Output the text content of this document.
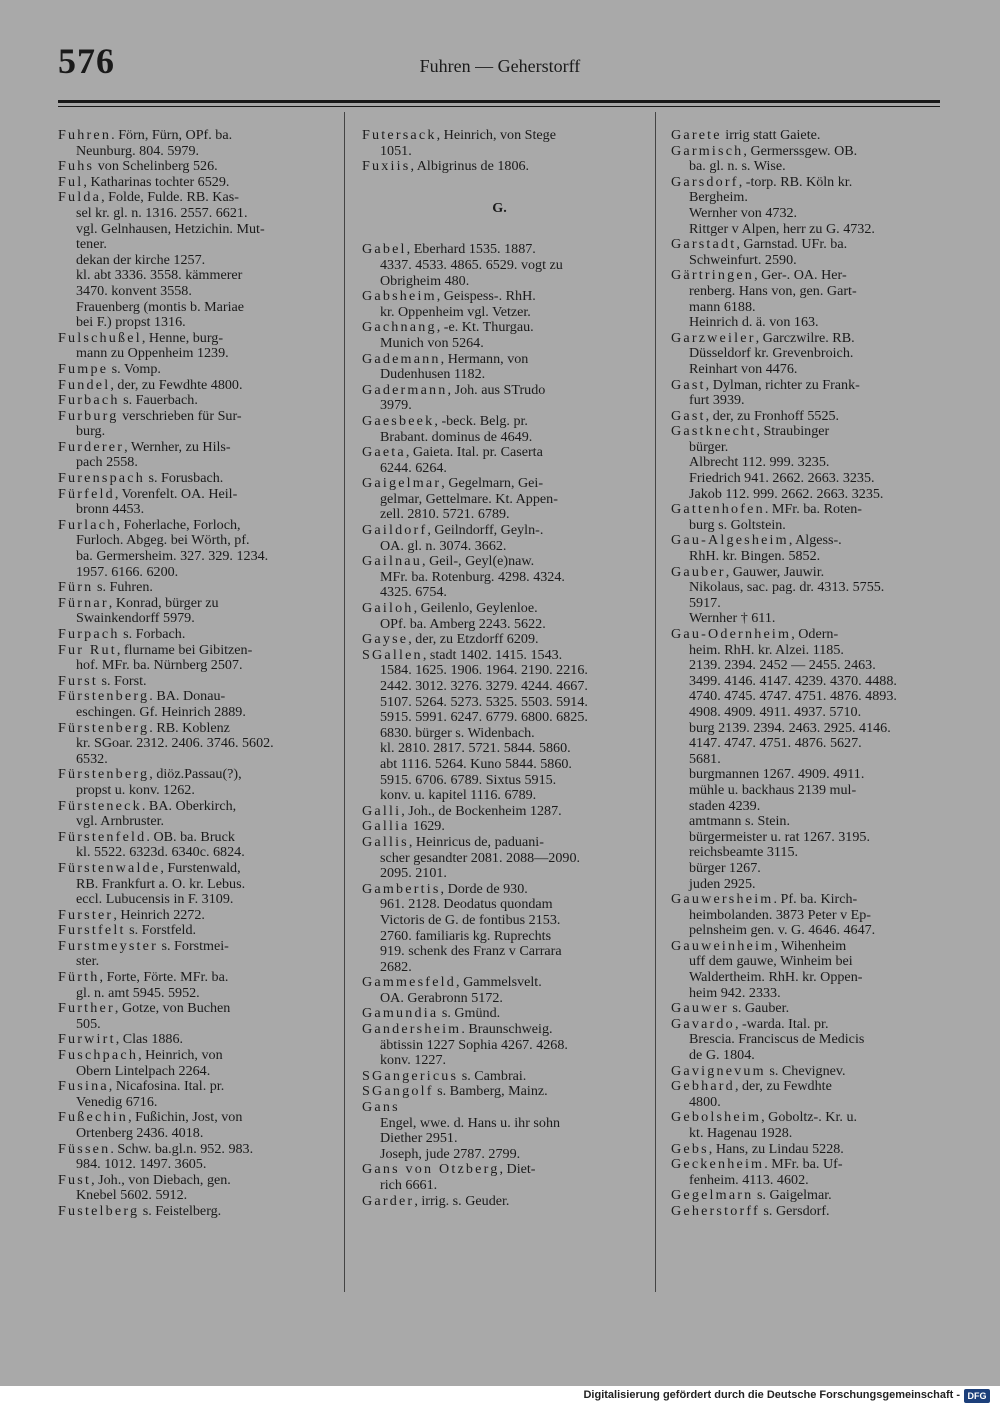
576	Fuhren — Geherstorff
Fuhren. Förn, Fürn, OPf. ba.
Neunburg. 804. 5979.
Fuhs von Schelinberg 526.
Ful, Katharinas tochter 6529.
Fulda, Folde, Fulde. RB. Kas-
sel kr. gl. n. 1316. 2557. 6621.
vgl. Gelnhausen, Hetzichin. Mut-
tener.
dekan der kirche 1257.
kl. abt 3336. 3558. kämmerer
3470. konvent 3558.
Frauenberg (montis b. Mariae
bei F.) propst 1316.
Fulschußel, Henne, burg-
mann zu Oppenheim 1239.
Fumpe s. Vomp.
Fundel, der, zu Fewdhte 4800.
Furbach s. Fauerbach.
Furburg verschrieben für Sur-
burg.
Furderer, Wernher, zu Hils-
pach 2558.
Furenspach s. Forusbach.
Fürfeld, Vorenfelt. OA. Heil-
bronn 4453.
Furlach, Foherlache, Forloch,
Furloch. Abgeg. bei Wörth, pf.
ba. Germersheim. 327. 329. 1234.
1957. 6166. 6200.
Fürn s. Fuhren.
Fürnar, Konrad, bürger zu
Swainkendorff 5979.
Furpach s. Forbach.
Fur Rut, flurname bei Gibitzen-
hof. MFr. ba. Nürnberg 2507.
Furst s. Forst.
Fürstenberg. BA. Donau-
eschingen. Gf. Heinrich 2889.
Fürstenberg. RB. Koblenz
kr. SGoar. 2312. 2406. 3746. 5602.
6532.
Fürstenberg, diöz.Passau(?),
propst u. konv. 1262.
Fürsteneck. BA. Oberkirch,
vgl. Arnbruster.
Fürstenfeld. OB. ba. Bruck
kl. 5522. 6323d. 6340c. 6824.
Fürstenwalde, Furstenwald,
RB. Frankfurt a. O. kr. Lebus.
eccl. Lubucensis in F. 3109.
Furster, Heinrich 2272.
Furstfelt s. Forstfeld.
Furstmeyster s. Forstmei-
ster.
Fürth, Forte, Förte. MFr. ba.
gl. n. amt 5945. 5952.
Further, Gotze, von Buchen
505.
Furwirt, Clas 1886.
Fuschpach, Heinrich, von
Obern Lintelpach 2264.
Fusina, Nicafosina. Ital. pr.
Venedig 6716.
Fußechin, Fußichin, Jost, von
Ortenberg 2436. 4018.
Füssen. Schw. ba.gl.n. 952. 983.
984. 1012. 1497. 3605.
Fust, Joh., von Diebach, gen.
Knebel 5602. 5912.
Fustelberg s. Feistelberg.
Futersack, Heinrich, von Stege
1051.
Fuxiis, Albigrinus de 1806.
G.
Gabel, Eberhard 1535. 1887.
4337. 4533. 4865. 6529. vogt zu
Obrigheim 480.
Gabsheim, Geispess-. RhH.
kr. Oppenheim vgl. Vetzer.
Gachnang, -e. Kt. Thurgau.
Munich von 5264.
Gademann, Hermann, von
Dudenhusen 1182.
Gadermann, Joh. aus STrudo
3979.
Gaesbeek, -beck. Belg. pr.
Brabant. dominus de 4649.
Gaeta, Gaieta. Ital. pr. Caserta
6244. 6264.
Gaigelmar, Gegelmarn, Gei-
gelmar, Gettelmare. Kt. Appen-
zell. 2810. 5721. 6789.
Gaildorf, Geilndorff, Geyln-.
OA. gl. n. 3074. 3662.
Gailnau, Geil-, Geyl(e)naw.
MFr. ba. Rotenburg. 4298. 4324.
4325. 6754.
Gailoh, Geilenlo, Geylenloe.
OPf. ba. Amberg 2243. 5622.
Gayse, der, zu Etzdorff 6209.
SGallen, stadt 1402. 1415. 1543.
1584. 1625. 1906. 1964. 2190. 2216.
2442. 3012. 3276. 3279. 4244. 4667.
5107. 5264. 5273. 5325. 5503. 5914.
5915. 5991. 6247. 6779. 6800. 6825.
6830. bürger s. Widenbach.
kl. 2810. 2817. 5721. 5844. 5860.
abt 1116. 5264. Kuno 5844. 5860.
5915. 6706. 6789. Sixtus 5915.
konv. u. kapitel 1116. 6789.
Galli, Joh., de Bockenheim 1287.
Gallia 1629.
Gallis, Heinricus de, paduani-
scher gesandter 2081. 2088—2090.
2095. 2101.
Gambertis, Dorde de 930.
961. 2128. Deodatus quondam
Victoris de G. de fontibus 2153.
2760. familiaris kg. Ruprechts
919. schenk des Franz v Carrara
2682.
Gammesfeld, Gammelsvelt.
OA. Gerabronn 5172.
Gamundia s. Gmünd.
Gandersheim. Braunschweig.
äbtissin 1227 Sophia 4267. 4268.
konv. 1227.
SGangericus s. Cambrai.
SGangolf s. Bamberg, Mainz.
Gans
Engel, wwe. d. Hans u. ihr sohn
Diether 2951.
Joseph, jude 2787. 2799.
Gans von Otzberg, Diet-
rich 6661.
Garder, irrig. s. Geuder.
Garete irrig statt Gaiete.
Garmisch, Germerssgew. OB.
ba. gl. n. s. Wise.
Garsdorf, -torp. RB. Köln kr.
Bergheim.
Wernher von 4732.
Rittger v Alpen, herr zu G. 4732.
Garstadt, Garnstad. UFr. ba.
Schweinfurt. 2590.
Gärtringen, Ger-. OA. Her-
renberg. Hans von, gen. Gart-
mann 6188.
Heinrich d. ä. von 163.
Garzweiler, Garczwilre. RB.
Düsseldorf kr. Grevenbroich.
Reinhart von 4476.
Gast, Dylman, richter zu Frank-
furt 3939.
Gast, der, zu Fronhoff 5525.
Gastknecht, Straubinger
bürger.
Albrecht 112. 999. 3235.
Friedrich 941. 2662. 2663. 3235.
Jakob 112. 999. 2662. 2663. 3235.
Gattenhofen. MFr. ba. Roten-
burg s. Goltstein.
Gau-Algesheim, Algess-.
RhH. kr. Bingen. 5852.
Gauber, Gauwer, Jauwir.
Nikolaus, sac. pag. dr. 4313. 5755.
5917.
Wernher † 611.
Gau-Odernheim, Odern-
heim. RhH. kr. Alzei. 1185.
2139. 2394. 2452 — 2455. 2463.
3499. 4146. 4147. 4239. 4370. 4488.
4740. 4745. 4747. 4751. 4876. 4893.
4908. 4909. 4911. 4937. 5710.
burg 2139. 2394. 2463. 2925. 4146.
4147. 4747. 4751. 4876. 5627.
5681.
burgmannen 1267. 4909. 4911.
mühle u. backhaus 2139 mul-
staden 4239.
amtmann s. Stein.
bürgermeister u. rat 1267. 3195.
reichsbeamte 3115.
bürger 1267.
juden 2925.
Gauwersheim. Pf. ba. Kirch-
heimbolanden. 3873 Peter v Ep-
pelnsheim gen. v. G. 4646. 4647.
Gauweinheim, Wihenheim
uff dem gauwe, Winheim bei
Waldertheim. RhH. kr. Oppen-
heim 942. 2333.
Gauwer s. Gauber.
Gavardo, -warda. Ital. pr.
Brescia. Franciscus de Medicis
de G. 1804.
Gavignevum s. Chevignev.
Gebhard, der, zu Fewdhte
4800.
Gebolsheim, Goboltz-. Kr. u.
kt. Hagenau 1928.
Gebs, Hans, zu Lindau 5228.
Geckenheim. MFr. ba. Uf-
fenheim. 4113. 4602.
Gegelmarn s. Gaigelmar.
Geherstorff s. Gersdorf.
Digitalisierung gefördert durch die Deutsche Forschungsgemeinschaft - DFG
